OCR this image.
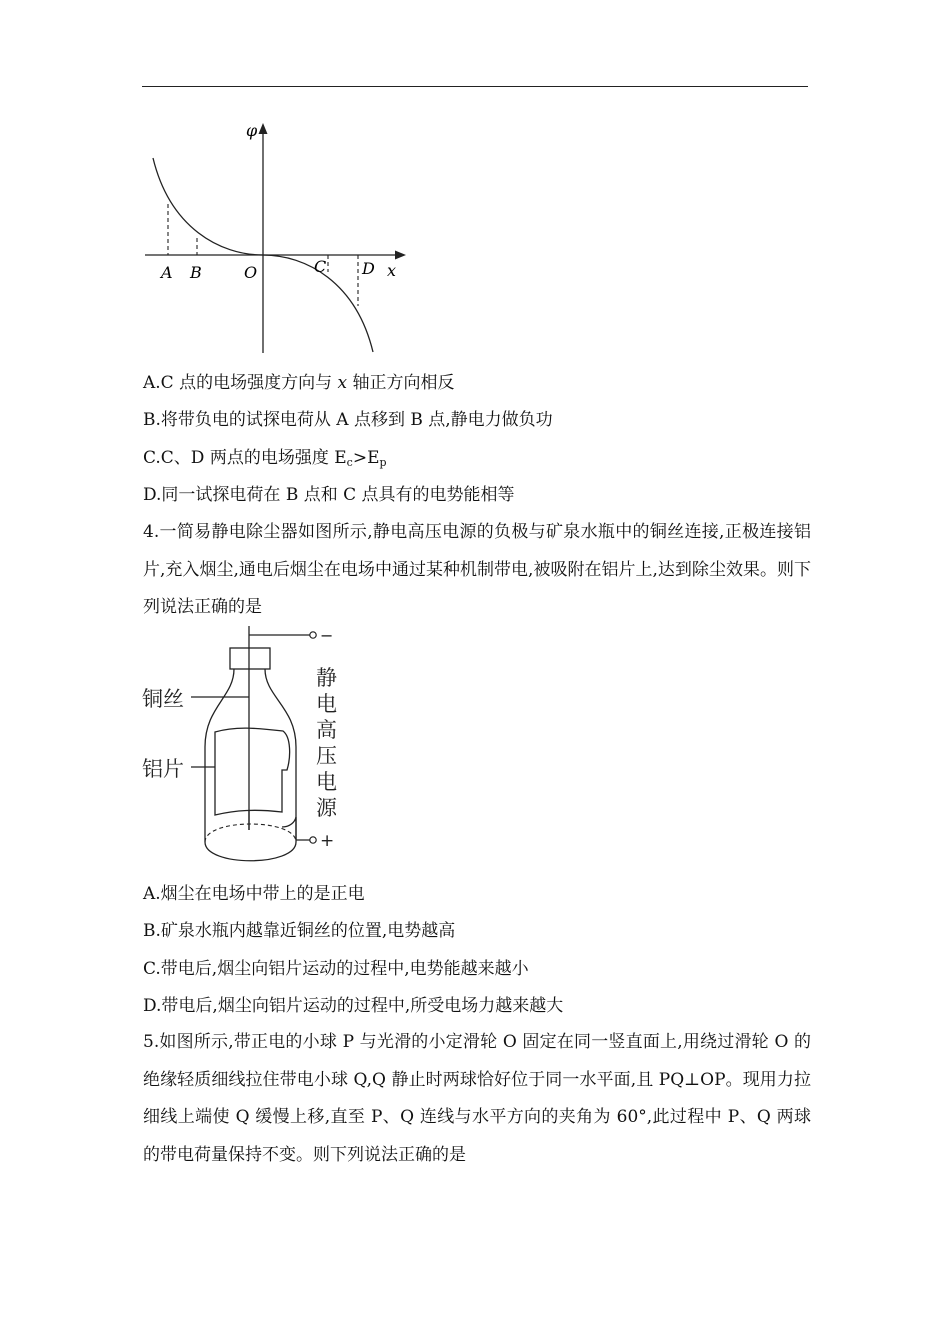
φ
x
A B	O	C D
A.C 点的电场强度方向与 x 轴正方向相反
B.将带负电的试探电荷从 A 点移到 B 点,静电力做负功
C.C、D 两点的电场强度 $E_c>E_p$
D.同一试探电荷在 B 点和 C 点具有的电势能相等
4.一简易静电除尘器如图所示,静电高压电源的负极与矿泉水瓶中的铜丝连接,正极连接铝片,充入烟尘,通电后烟尘在电场中通过某种机制带电,被吸附在铝片上,达到除尘效果。则下列说法正确的是
铜丝
铝片
−
+
静
电
高
压
电
源
A.烟尘在电场中带上的是正电
B.矿泉水瓶内越靠近铜丝的位置,电势越高
C.带电后,烟尘向铝片运动的过程中,电势能越来越小
D.带电后,烟尘向铝片运动的过程中,所受电场力越来越大
5.如图所示,带正电的小球 P 与光滑的小定滑轮 O 固定在同一竖直面上,用绕过滑轮 O 的绝缘轻质细线拉住带电小球 Q,Q 静止时两球恰好位于同一水平面,且 PQ⊥OP。现用力拉细线上端使 Q 缓慢上移,直至 P、Q 连线与水平方向的夹角为 60°,此过程中 P、Q 两球的带电荷量保持不变。则下列说法正确的是
